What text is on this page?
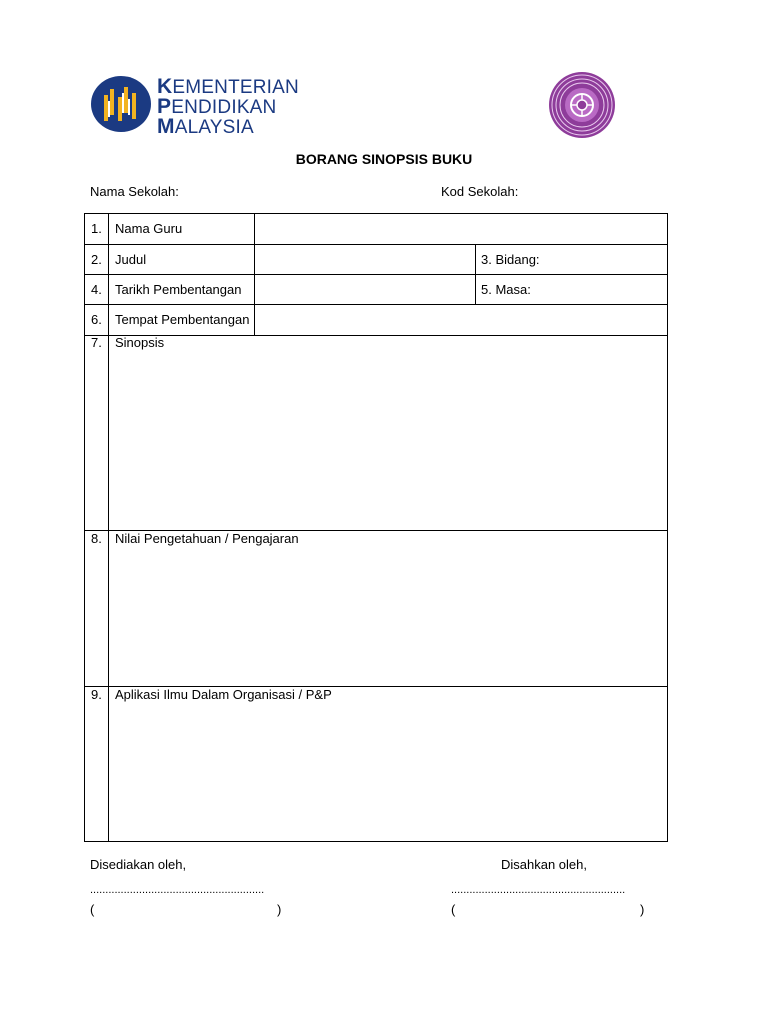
KEMENTERIAN
PENDIDIKAN
MALAYSIA
BORANG SINOPSIS BUKU
Nama Sekolah:	Kod Sekolah:
1. Nama Guru
2. Judul	3. Bidang:
4. Tarikh Pembentangan	5. Masa:
6. Tempat Pembentangan
7. Sinopsis
8. Nilai Pengetahuan / Pengajaran
9. Aplikasi Ilmu Dalam Organisasi / P&P
Disediakan oleh,	Disahkan oleh,
.........................................................	.........................................................
(	)	(	)
